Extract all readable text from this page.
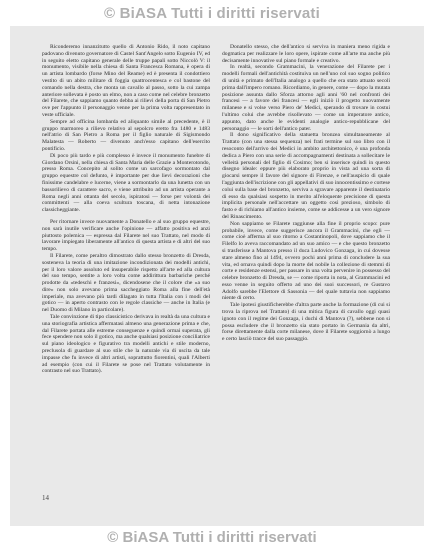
© BiASA Tutti i diritti riservati

Riconderemo innanzitutto quello di Antonio Rido, il noto capitano padovano divenuto governatore di Castel Sant'Angelo sotto Eugenio IV, ed in seguito eletto capitano generale delle truppe papali sotto Niccolò V: il monumento, visibile nella chiesa di Santa Francesca Romana, è opera di un artista lombardo (forse Mino del Reame) ed è presenta il condottiero vestito di un abito militare di foggia quattrocentesca e col bastone del comando nella destra, che monta un cavallo al passo, sotto la cui zampa anteriore sollevata è posto un elmo, non a caso come nel celebre bronzetto del Filarete, che sappiamo quanto debba ai rilievi della porta di San Pietro ove per l'appunto il personaggio venne per la prima volta rappresentato in veste ufficiale.

Sempre ad officina lombarda ed aliquanto simile al precedente, è il gruppo marmoreo a rilievo relativo al sepolcro eretto fra 1480 e 1483 nell'atrio di San Pietro a Roma per il figlio naturale di Sigismondo Malatesta — Roberto — divenuto anch'esso capitano dell'esercito pontificio.

Di poco più tardo e più complesso è invece il monumento funebre di Giordano Orsini, nella chiesa di Santa Maria delle Grazie a Monterotondo, presso Roma. Concepito al solito come un sarcofago sormontato dal gruppo equestre col defunto, è importante per due lievi decorazioni che finissime candelabre e lucerne, viene a sormontarlo da una lunetta con un bassorilievo di carattere sacro, e viene attribuito ad un artista operante a Roma negli anni ottanta del secolo, ispiratosi — forse per volontà dei committenti — alla coeva scultura toscana, di netta intonazione classicheggiante.

Per ritornare invece nuovamente a Donatello e al suo gruppo equestre, non sarà inutile verificare anche l'opinione — affatto positiva ed anzi piuttosto polemica — espressa dal Filarete nel suo Trattato, nel modo di lavorare impiegato liberamente all'antico di questa artista e di altri del suo tempo.

Il Filarete, come peraltro dimostrato dallo stesso bronzetto di Dresda, sosteneva la teoria di una imitazione incondizionata dei modelli antichi, per il loro valore assoluto ed insuperabile rispetto all'arte ed alla cultura del suo tempo, sentite a loro volta come addirittura barbariche perché prodotte da «tedeschi e franzesi», dicendosene che il colore che «a suo dire» non solo avevano prima saccheggiato Roma alla fine dell'età imperiale, ma avevano più tardi dilagato in tutta l'Italia con i modi del gotico — in aperto contrasto con le regole classiche — anche in Italia (e nel Duomo di Milano in particolare).

Tale convinzione di tipo classicistico derivava in realtà da una cultura e una storiografia artistica affermatasi almeno una generazione prima e che, dal Filarete portata alle estreme conseguenze e quindi ormai superata, gli fece spendere non solo il gotico, ma anche qualsiasi posizione conciliatrice sul piano ideologico e figurativo tra modelli antichi e stile moderno, preclusola di guardare al suo stile che la naturale via di uscita da tale impasse che fu invece di altri artisti, soprattutto fiorentini, quali l'Alberti ad esempio (con cui il Filarete se pose nel Trattato volutamente in contrasto nel suo Trattato).

Donatello stesso, che dell'antico si serviva in maniera meno rigida e dogmatica per realizzare le loro opere, ispirate come all'arte ma anche più decisamente innovative sul piano formale e creativo.

In realtà, secondo Grammacini, la venerazione del Filarete per i modelli formali dell'antichità costituiva un nell'uno col suo sogno politico di unità e primato dell'Italia analogo a quello che era stato attuato secoli prima dall'impero romano. Ricordiamo, in genere, come — dopo la mutata posizione assunta dallo Sforza attorno agli anni '60 nel confronti dei francesi — a favore dei francesi — egli iniziò il progetto nuovamente milanese e si volse verso Piero de' Medici, sperando di trovare in costui l'ultimo colui che avrebbe risollevato — come un imperatore antico, appunto, dato anche le evidenti analogie antico-repubblicane del personaggio — le sorti dell'antico pater.

Il dono significativo della statuetta bronzea simultaneamente al Trattato (con una stessa sequenza) nei frati termine sul suo libro con il resoconto dell'arrivo dei Medici in ambito architettonico, è una profonda dedica a Piero con una serie di accompagnamenti destinata a sollecitare le velleità personali del figlio di Cosimo; ben si inserisce quindi in questo disegno ideale: eppure più elaborato proprio in vista ad una sorta di giocarsi sempre il favore del signore di Firenze, e nell'auspicio di quale l'aggiunta dell'iscrizione con gli appellativi di suo innocentissimo e cortese colui sulla base del bronzetto, serviva a sgravare apparente il destinatario di esso da qualsiasi sospetto in merito all'eloquente precisione di questa implicita personale nell'accettare un oggetto così prezioso, simbolo di fasto e di richiamo all'antico insieme, come se addicesse a un vero signore del Rinascimento.

Non sappiamo se Filarete raggiunse alla fine il proprio scopo: pure probabile, invece, come suggerisce ancora il Grammacini, che egli — come cioè afferma al suo ritorno a Costantinopoli, dove sappiamo che il Filelfo lo aveva raccomandato ad un suo amico — e che questo bronzetto si trasferisse a Mantova presso il duca Ludovico Gonzaga, in cui dovesse stare almeno fino al 1494, ovvero pochi anni prima di concludere la sua vita, ed ornava quindi dopo la morte del nobile la collezione di stemmi di corte e residenze estensi, per passare in una volta pervenire in possesso del celebre bronzetto di Dresda, se — come riporta in nota, al Grammacini ed esso venne in seguito offerto ad uno dei suoi successori, re Gustavo Adolfo sarebbe l'Elettore di Sassonia — del quale tuttavia non sappiamo niente di certo.

Tale ipotesi giustificherebbe d'altra parte anche la formazione (di cui si trova la riprova nel Trattato) di una mitica figura di cavallo oggi quasi ignoto con il regime dei Gonzaga, i duchi di Mantova (?), sebbene non si possa escludere che il bronzetto sia stato portato in Germania da altri, forse direttamente dalla corte milanese, dove il Filarete soggiornò a lungo e certo lasciò tracce del suo passaggio.

14
© BiASA Tutti i diritti riservati
